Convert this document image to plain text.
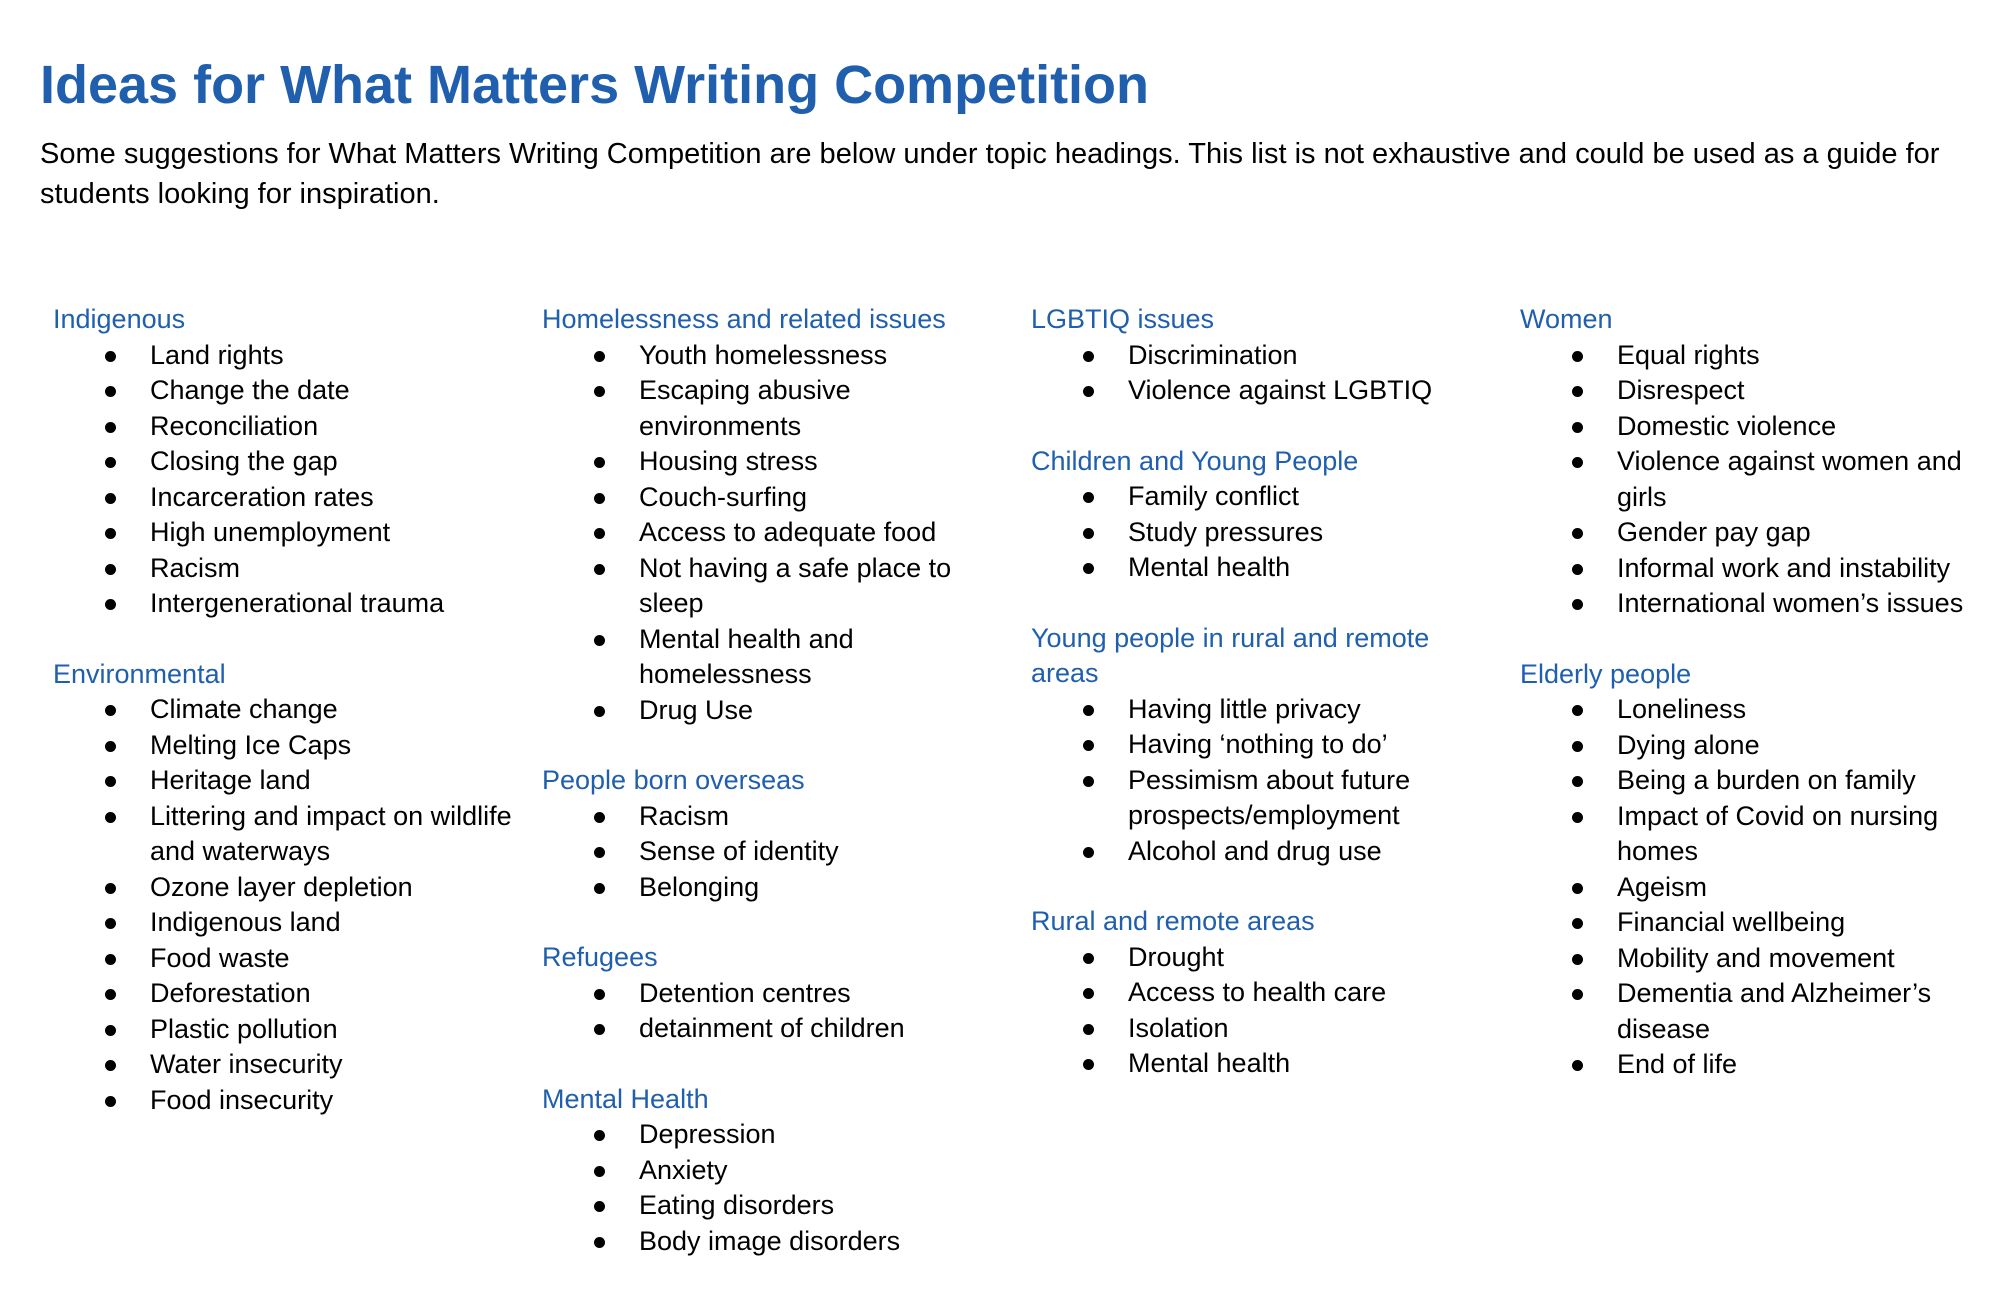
Ideas for What Matters Writing Competition

Some suggestions for What Matters Writing Competition are below under topic headings. This list is not exhaustive and could be used as a guide for students looking for inspiration.

Indigenous
Land rights
Change the date
Reconciliation
Closing the gap
Incarceration rates
High unemployment
Racism
Intergenerational trauma
Environmental
Climate change
Melting Ice Caps
Heritage land
Littering and impact on wildlife and waterways
Ozone layer depletion
Indigenous land
Food waste
Deforestation
Plastic pollution
Water insecurity
Food insecurity
Homelessness and related issues
Youth homelessness
Escaping abusive environments
Housing stress
Couch-surfing
Access to adequate food
Not having a safe place to sleep
Mental health and homelessness
Drug Use
People born overseas
Racism
Sense of identity
Belonging
Refugees
Detention centres
detainment of children
Mental Health
Depression
Anxiety
Eating disorders
Body image disorders
LGBTIQ issues
Discrimination
Violence against LGBTIQ
Children and Young People
Family conflict
Study pressures
Mental health
Young people in rural and remote areas
Having little privacy
Having ‘nothing to do’
Pessimism about future prospects/employment
Alcohol and drug use
Rural and remote areas
Drought
Access to health care
Isolation
Mental health
Women
Equal rights
Disrespect
Domestic violence
Violence against women and girls
Gender pay gap
Informal work and instability
International women’s issues
Elderly people
Loneliness
Dying alone
Being a burden on family
Impact of Covid on nursing homes
Ageism
Financial wellbeing
Mobility and movement
Dementia and Alzheimer’s disease
End of life
